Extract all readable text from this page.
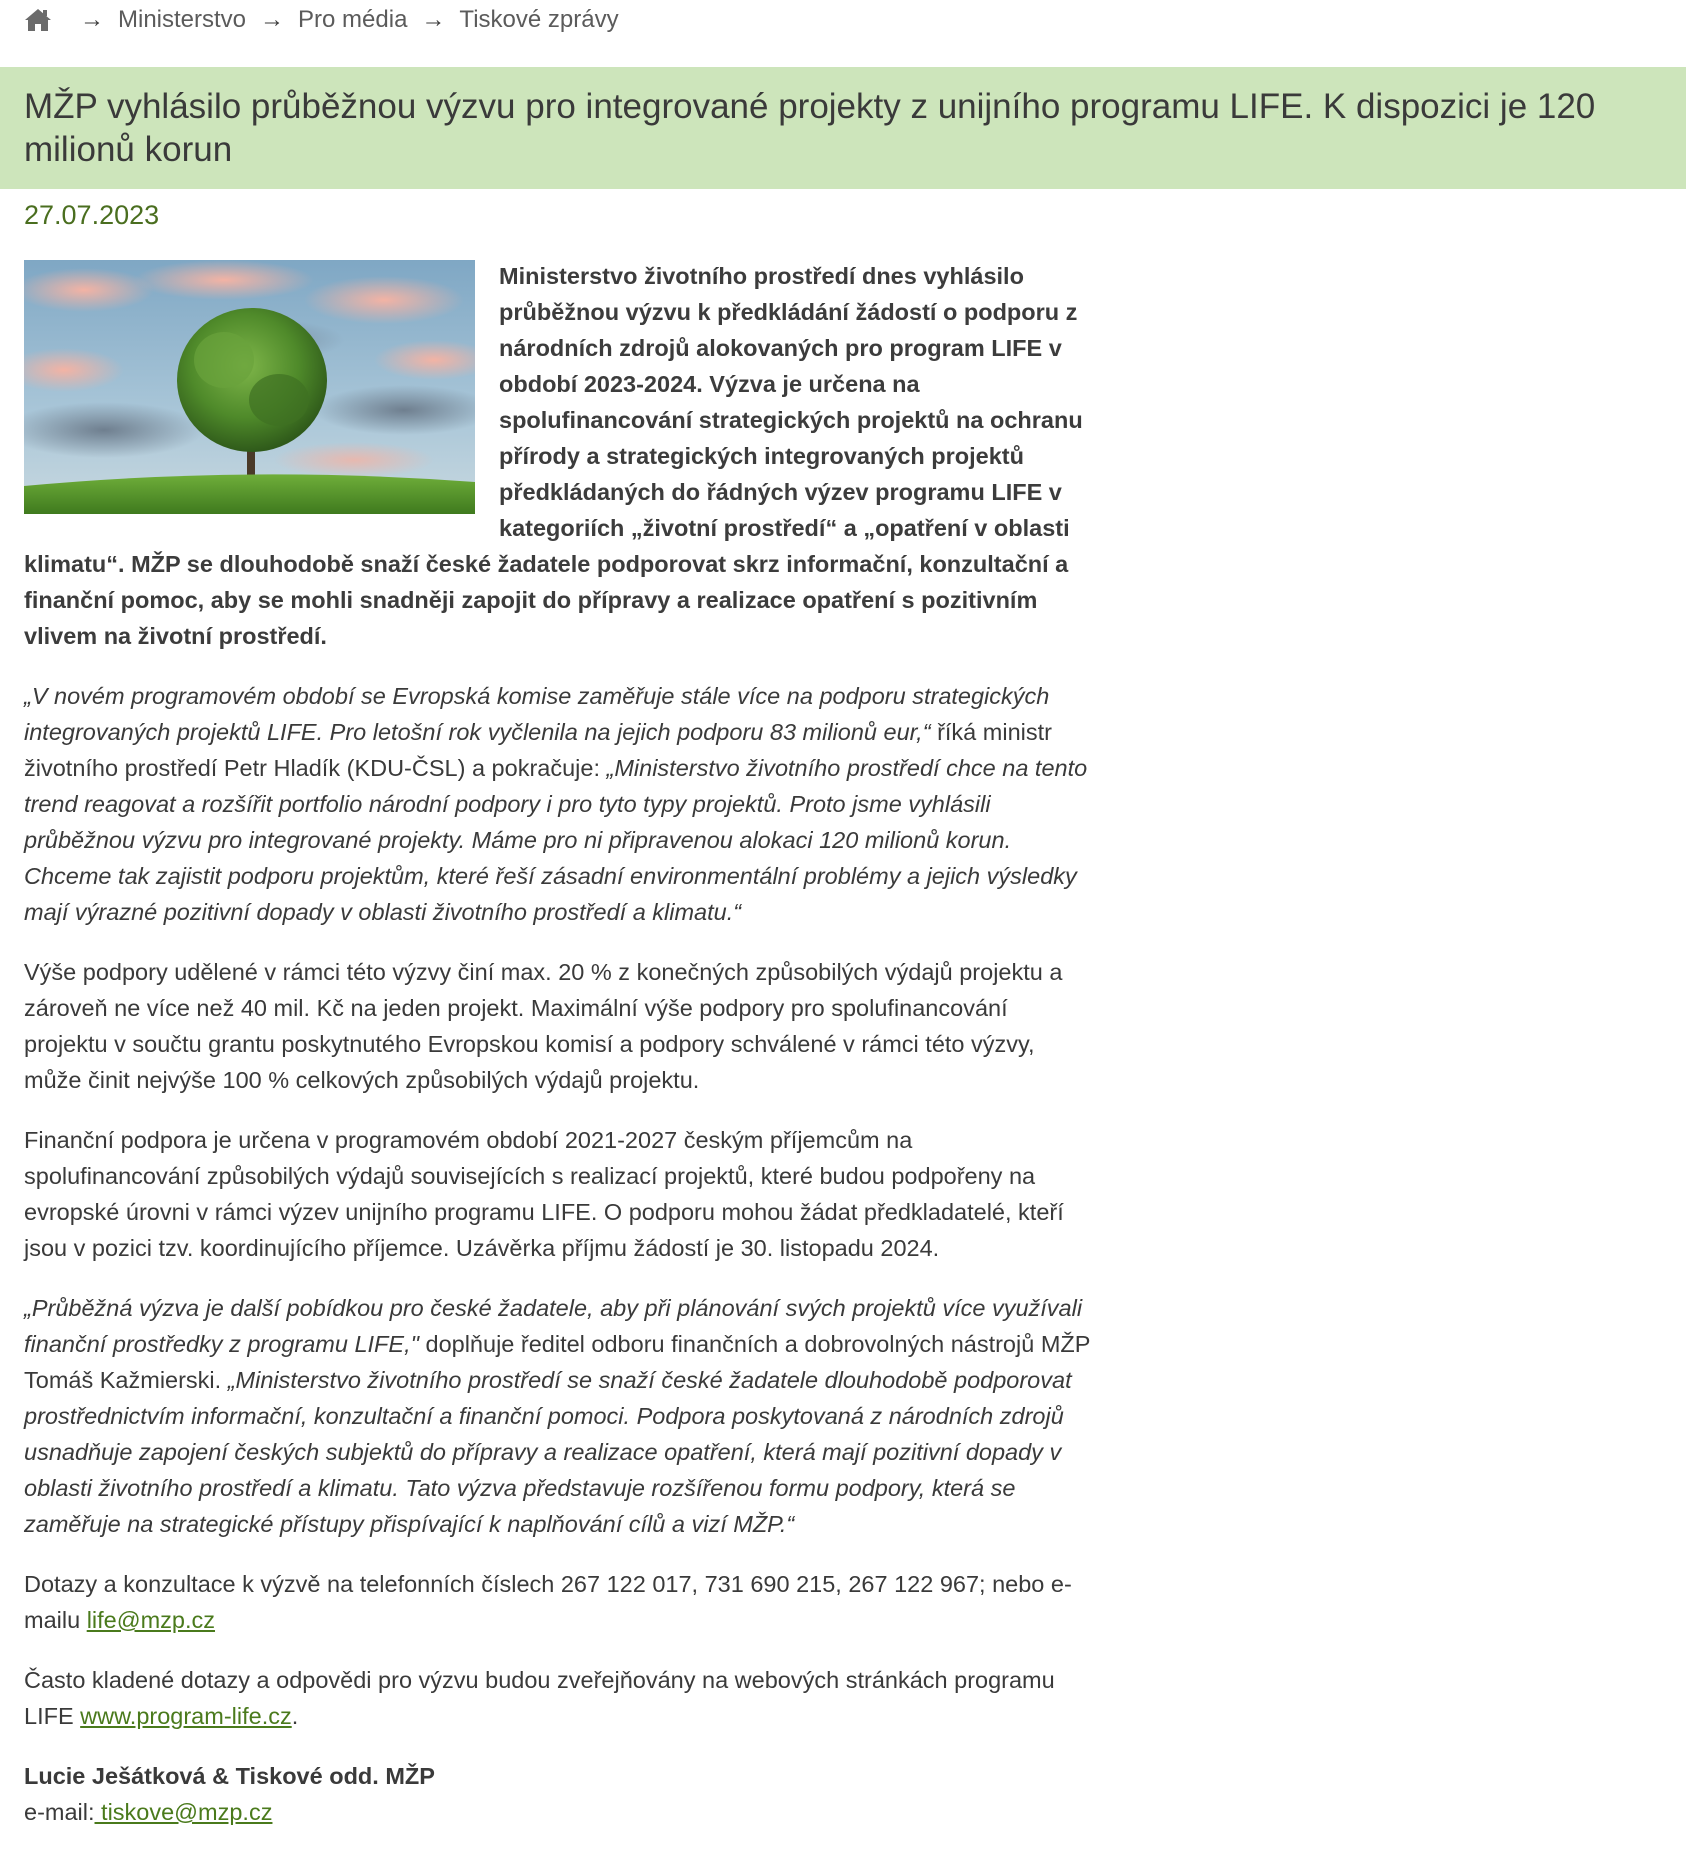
→ Ministerstvo → Pro média → Tiskové zprávy
MŽP vyhlásilo průběžnou výzvu pro integrované projekty z unijního programu LIFE. K dispozici je 120 milionů korun
27.07.2023

Ministerstvo životního prostředí dnes vyhlásilo průběžnou výzvu k předkládání žádostí o podporu z národních zdrojů alokovaných pro program LIFE v období 2023-2024. Výzva je určena na spolufinancování strategických projektů na ochranu přírody a strategických integrovaných projektů předkládaných do řádných výzev programu LIFE v kategoriích „životní prostředí“ a „opatření v oblasti klimatu“. MŽP se dlouhodobě snaží české žadatele podporovat skrz informační, konzultační a finanční pomoc, aby se mohli snadněji zapojit do přípravy a realizace opatření s pozitivním vlivem na životní prostředí.

„V novém programovém období se Evropská komise zaměřuje stále více na podporu strategických integrovaných projektů LIFE. Pro letošní rok vyčlenila na jejich podporu 83 milionů eur,“ říká ministr životního prostředí Petr Hladík (KDU-ČSL) a pokračuje: „Ministerstvo životního prostředí chce na tento trend reagovat a rozšířit portfolio národní podpory i pro tyto typy projektů. Proto jsme vyhlásili průběžnou výzvu pro integrované projekty. Máme pro ni připravenou alokaci 120 milionů korun. Chceme tak zajistit podporu projektům, které řeší zásadní environmentální problémy a jejich výsledky mají výrazné pozitivní dopady v oblasti životního prostředí a klimatu.“

Výše podpory udělené v rámci této výzvy činí max. 20 % z konečných způsobilých výdajů projektu a zároveň ne více než 40 mil. Kč na jeden projekt. Maximální výše podpory pro spolufinancování projektu v součtu grantu poskytnutého Evropskou komisí a podpory schválené v rámci této výzvy, může činit nejvýše 100 % celkových způsobilých výdajů projektu.

Finanční podpora je určena v programovém období 2021-2027 českým příjemcům na spolufinancování způsobilých výdajů souvisejících s realizací projektů, které budou podpořeny na evropské úrovni v rámci výzev unijního programu LIFE. O podporu mohou žádat předkladatelé, kteří jsou v pozici tzv. koordinujícího příjemce. Uzávěrka příjmu žádostí je 30. listopadu 2024.

„Průběžná výzva je další pobídkou pro české žadatele, aby při plánování svých projektů více využívali finanční prostředky z programu LIFE," doplňuje ředitel odboru finančních a dobrovolných nástrojů MŽP Tomáš Kažmierski. „Ministerstvo životního prostředí se snaží české žadatele dlouhodobě podporovat prostřednictvím informační, konzultační a finanční pomoci. Podpora poskytovaná z národních zdrojů usnadňuje zapojení českých subjektů do přípravy a realizace opatření, která mají pozitivní dopady v oblasti životního prostředí a klimatu. Tato výzva představuje rozšířenou formu podpory, která se zaměřuje na strategické přístupy přispívající k naplňování cílů a vizí MŽP.“

Dotazy a konzultace k výzvě na telefonních číslech 267 122 017, 731 690 215, 267 122 967; nebo e-mailu life@mzp.cz

Často kladené dotazy a odpovědi pro výzvu budou zveřejňovány na webových stránkách programu LIFE www.program-life.cz.

Lucie Ješátková & Tiskové odd. MŽP

e-mail: tiskove@mzp.cz
